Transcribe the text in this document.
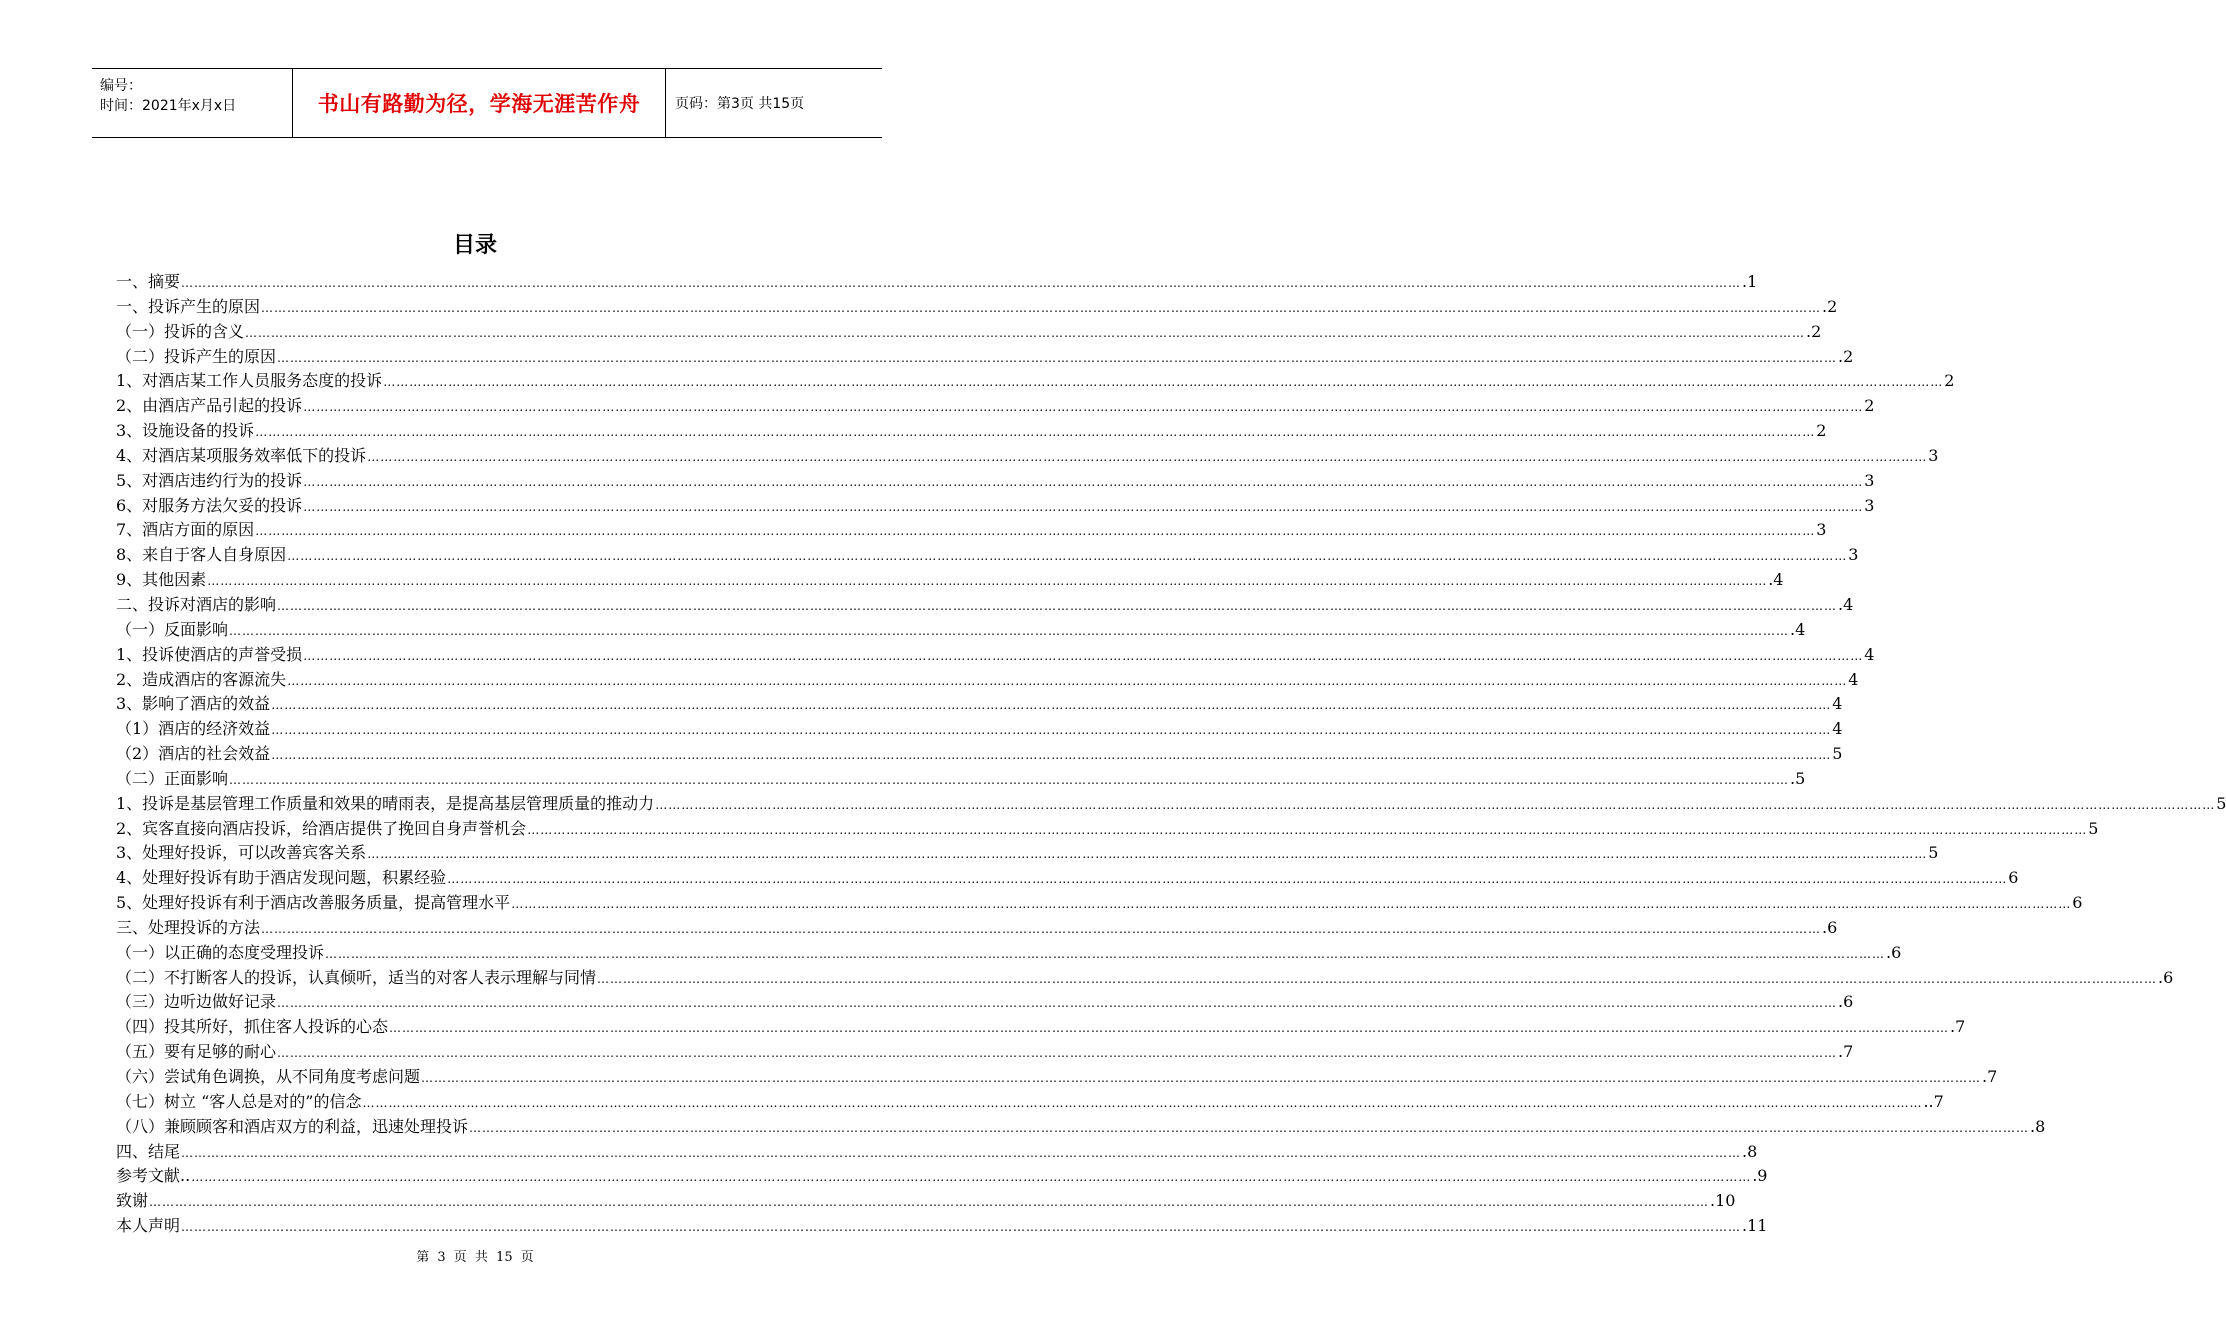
编号：
时间：2021年x月x日	书山有路勤为径，学海无涯苦作舟	页码：第3页 共15页
目录
一、摘要 ……………………………………………………………………………………………………………………………………………………………………………………………………………………………………………………………………………………………………………………………… .1
一、投诉产生的原因 ……………………………………………………………………………………………………………………………………………………………………………………………………………………………………………………………………………………………………………………………… .2
（一）投诉的含义 ……………………………………………………………………………………………………………………………………………………………………………………………………………………………………………………………………………………………………………………………… .2
（二）投诉产生的原因 ……………………………………………………………………………………………………………………………………………………………………………………………………………………………………………………………………………………………………………………………… .2
1、对酒店某工作人员服务态度的投诉 ……………………………………………………………………………………………………………………………………………………………………………………………………………………………………………………………………………………………………………………………… 2
2、由酒店产品引起的投诉 ……………………………………………………………………………………………………………………………………………………………………………………………………………………………………………………………………………………………………………………………… 2
3、设施设备的投诉 ……………………………………………………………………………………………………………………………………………………………………………………………………………………………………………………………………………………………………………………………… 2
4、对酒店某项服务效率低下的投诉 ……………………………………………………………………………………………………………………………………………………………………………………………………………………………………………………………………………………………………………………………… 3
5、对酒店违约行为的投诉 ……………………………………………………………………………………………………………………………………………………………………………………………………………………………………………………………………………………………………………………………… 3
6、对服务方法欠妥的投诉 ……………………………………………………………………………………………………………………………………………………………………………………………………………………………………………………………………………………………………………………………… 3
7、酒店方面的原因 ……………………………………………………………………………………………………………………………………………………………………………………………………………………………………………………………………………………………………………………………… 3
8、来自于客人自身原因 ……………………………………………………………………………………………………………………………………………………………………………………………………………………………………………………………………………………………………………………………… 3
9、其他因素 ……………………………………………………………………………………………………………………………………………………………………………………………………………………………………………………………………………………………………………………………… .4
二、投诉对酒店的影响 ……………………………………………………………………………………………………………………………………………………………………………………………………………………………………………………………………………………………………………………………… .4
（一）反面影响 ……………………………………………………………………………………………………………………………………………………………………………………………………………………………………………………………………………………………………………………………… .4
1、投诉使酒店的声誉受损 ……………………………………………………………………………………………………………………………………………………………………………………………………………………………………………………………………………………………………………………………… 4
2、造成酒店的客源流失 ……………………………………………………………………………………………………………………………………………………………………………………………………………………………………………………………………………………………………………………………… 4
3、影响了酒店的效益 ……………………………………………………………………………………………………………………………………………………………………………………………………………………………………………………………………………………………………………………………… 4
（1）酒店的经济效益 ……………………………………………………………………………………………………………………………………………………………………………………………………………………………………………………………………………………………………………………………… 4
（2）酒店的社会效益 ……………………………………………………………………………………………………………………………………………………………………………………………………………………………………………………………………………………………………………………………… 5
（二）正面影响 ……………………………………………………………………………………………………………………………………………………………………………………………………………………………………………………………………………………………………………………………… .5
1、投诉是基层管理工作质量和效果的晴雨表，是提高基层管理质量的推动力 ……………………………………………………………………………………………………………………………………………………………………………………………………………………………………………………………………………………………………………………………… 5
2、宾客直接向酒店投诉，给酒店提供了挽回自身声誉机会 ……………………………………………………………………………………………………………………………………………………………………………………………………………………………………………………………………………………………………………………………… 5
3、处理好投诉，可以改善宾客关系 ……………………………………………………………………………………………………………………………………………………………………………………………………………………………………………………………………………………………………………………………… 5
4、处理好投诉有助于酒店发现问题，积累经验 ……………………………………………………………………………………………………………………………………………………………………………………………………………………………………………………………………………………………………………………………… 6
5、处理好投诉有利于酒店改善服务质量，提高管理水平 ……………………………………………………………………………………………………………………………………………………………………………………………………………………………………………………………………………………………………………………………… 6
三、处理投诉的方法 ……………………………………………………………………………………………………………………………………………………………………………………………………………………………………………………………………………………………………………………………… .6
（一）以正确的态度受理投诉 ……………………………………………………………………………………………………………………………………………………………………………………………………………………………………………………………………………………………………………………………… .6
（二）不打断客人的投诉，认真倾听，适当的对客人表示理解与同情 ……………………………………………………………………………………………………………………………………………………………………………………………………………………………………………………………………………………………………………………………… .6
（三）边听边做好记录 ……………………………………………………………………………………………………………………………………………………………………………………………………………………………………………………………………………………………………………………………… .6
（四）投其所好，抓住客人投诉的心态 ……………………………………………………………………………………………………………………………………………………………………………………………………………………………………………………………………………………………………………………………… .7
（五）要有足够的耐心 ……………………………………………………………………………………………………………………………………………………………………………………………………………………………………………………………………………………………………………………………… .7
（六）尝试角色调换，从不同角度考虑问题 ……………………………………………………………………………………………………………………………………………………………………………………………………………………………………………………………………………………………………………………………… .7
（七）树立 “客人总是对的”的信念 ……………………………………………………………………………………………………………………………………………………………………………………………………………………………………………………………………………………………………………………………… ..7
（八）兼顾顾客和酒店双方的利益，迅速处理投诉 ……………………………………………………………………………………………………………………………………………………………………………………………………………………………………………………………………………………………………………………………… .8
四、结尾 ……………………………………………………………………………………………………………………………………………………………………………………………………………………………………………………………………………………………………………………………… .8
参考文献.. ……………………………………………………………………………………………………………………………………………………………………………………………………………………………………………………………………………………………………………………………… .9
致谢 ……………………………………………………………………………………………………………………………………………………………………………………………………………………………………………………………………………………………………………………………… .10
本人声明 ……………………………………………………………………………………………………………………………………………………………………………………………………………………………………………………………………………………………………………………………… .11
第 3 页 共 15 页
